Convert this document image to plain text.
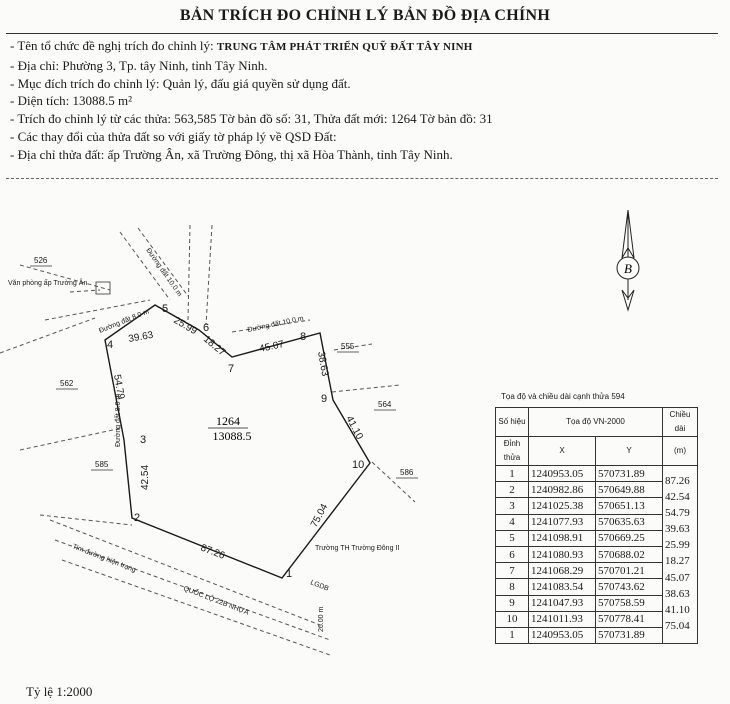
BẢN TRÍCH ĐO CHỈNH LÝ BẢN ĐỒ ĐỊA CHÍNH
- Tên tổ chức đề nghị trích đo chỉnh lý: TRUNG TÂM PHÁT TRIỂN QUỸ ĐẤT TÂY NINH
- Địa chỉ: Phường 3, Tp. tây Ninh, tỉnh Tây Ninh.
- Mục đích trích đo chỉnh lý: Quản lý, đấu giá quyền sử dụng đất.
- Diện tích: 13088.5 m²
- Trích đo chỉnh lý từ các thửa: 563,585 Tờ bản đồ số: 31, Thửa đất mới: 1264 Tờ bản đồ: 31
- Các thay đổi của thửa đất so với giấy tờ pháp lý về QSD Đất:
- Địa chỉ thửa đất: ấp Trường Ân, xã Trường Đông, thị xã Hòa Thành, tỉnh Tây Ninh.
1
2
3
4
5
6
7
8
9
10
87.26
42.54
54.79
39.63
25.99
18.27	45.07
38.63
41.10
75.04
1264
13088.5
526
562
585
555
564
586
Đường đất 10.0 m
Đường đất 8.0 m
Đường đất 8.0 m
Đường đất 10.0 m
Tim đường hiện trạng
QUỐC LỘ 22B NHỰA
26.00 m
LGDB
Văn phòng ấp Trường Ân
Trường TH Trường Đông II
B
Tọa độ và chiều dài cạnh thửa 594
Số hiệu	Tọa độ VN-2000		Chiều dài
Đỉnh thửa	X	Y	(m)
1	1240953.05	570731.89	87.26

2	1240982.86	570649.88	42.54

3	1241025.38	570651.13	54.79

4	1241077.93	570635.63	39.63

5	1241098.91	570669.25	25.99

6	1241080.93	570688.02	18.27

7	1241068.29	570701.21	45.07

8	1241083.54	570743.62	38.63

9	1241047.93	570758.59	41.10

10	1241011.93	570778.41	75.04

1	1240953.05	570731.89	
Tỷ lệ 1:2000
